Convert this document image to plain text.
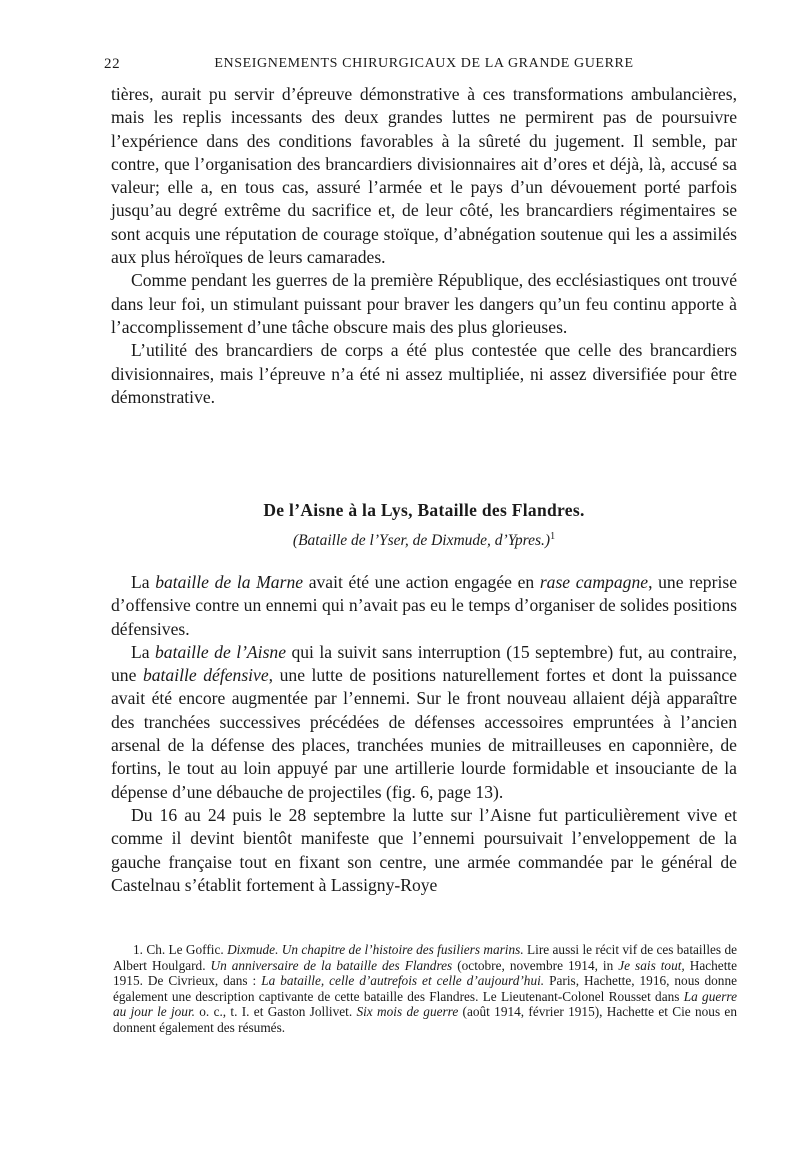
22	ENSEIGNEMENTS CHIRURGICAUX DE LA GRANDE GUERRE

tières, aurait pu servir d’épreuve démonstrative à ces transformations ambulancières, mais les replis incessants des deux grandes luttes ne permirent pas de poursuivre l’expérience dans des conditions favorables à la sûreté du jugement. Il semble, par contre, que l’organisation des brancardiers divisionnaires ait d’ores et déjà, là, accusé sa valeur; elle a, en tous cas, assuré l’armée et le pays d’un dévouement porté parfois jusqu’au degré extrême du sacrifice et, de leur côté, les brancardiers régimentaires se sont acquis une réputation de courage stoïque, d’abnégation soutenue qui les a assimilés aux plus héroïques de leurs camarades.

Comme pendant les guerres de la première République, des ecclésiastiques ont trouvé dans leur foi, un stimulant puissant pour braver les dangers qu’un feu continu apporte à l’accomplissement d’une tâche obscure mais des plus glorieuses.

L’utilité des brancardiers de corps a été plus contestée que celle des brancardiers divisionnaires, mais l’épreuve n’a été ni assez multipliée, ni assez diversifiée pour être démonstrative.

De l’Aisne à la Lys, Bataille des Flandres.
(Bataille de l’Yser, de Dixmude, d’Ypres.)$^1$

La bataille de la Marne avait été une action engagée en rase campagne, une reprise d’offensive contre un ennemi qui n’avait pas eu le temps d’organiser de solides positions défensives.

La bataille de l’Aisne qui la suivit sans interruption (15 septembre) fut, au contraire, une bataille défensive, une lutte de positions naturellement fortes et dont la puissance avait été encore augmentée par l’ennemi. Sur le front nouveau allaient déjà apparaître des tranchées successives précédées de défenses accessoires empruntées à l’ancien arsenal de la défense des places, tranchées munies de mitrailleuses en caponnière, de fortins, le tout au loin appuyé par une artillerie lourde formidable et insouciante de la dépense d’une débauche de projectiles (fig. 6, page 13).

Du 16 au 24 puis le 28 septembre la lutte sur l’Aisne fut particulièrement vive et comme il devint bientôt manifeste que l’ennemi poursuivait l’enveloppement de la gauche française tout en fixant son centre, une armée commandée par le général de Castelnau s’établit fortement à Lassigny-Roye

1. Ch. Le Goffic. Dixmude. Un chapitre de l’histoire des fusiliers marins. Lire aussi le récit vif de ces batailles de Albert Houlgard. Un anniversaire de la bataille des Flandres (octobre, novembre 1914, in Je sais tout, Hachette 1915. De Civrieux, dans : La bataille, celle d’autrefois et celle d’aujourd’hui. Paris, Hachette, 1916, nous donne également une description captivante de cette bataille des Flandres. Le Lieutenant-Colonel Rousset dans La guerre au jour le jour. o. c., t. I. et Gaston Jollivet. Six mois de guerre (août 1914, février 1915), Hachette et Cie nous en donnent également des résumés.
